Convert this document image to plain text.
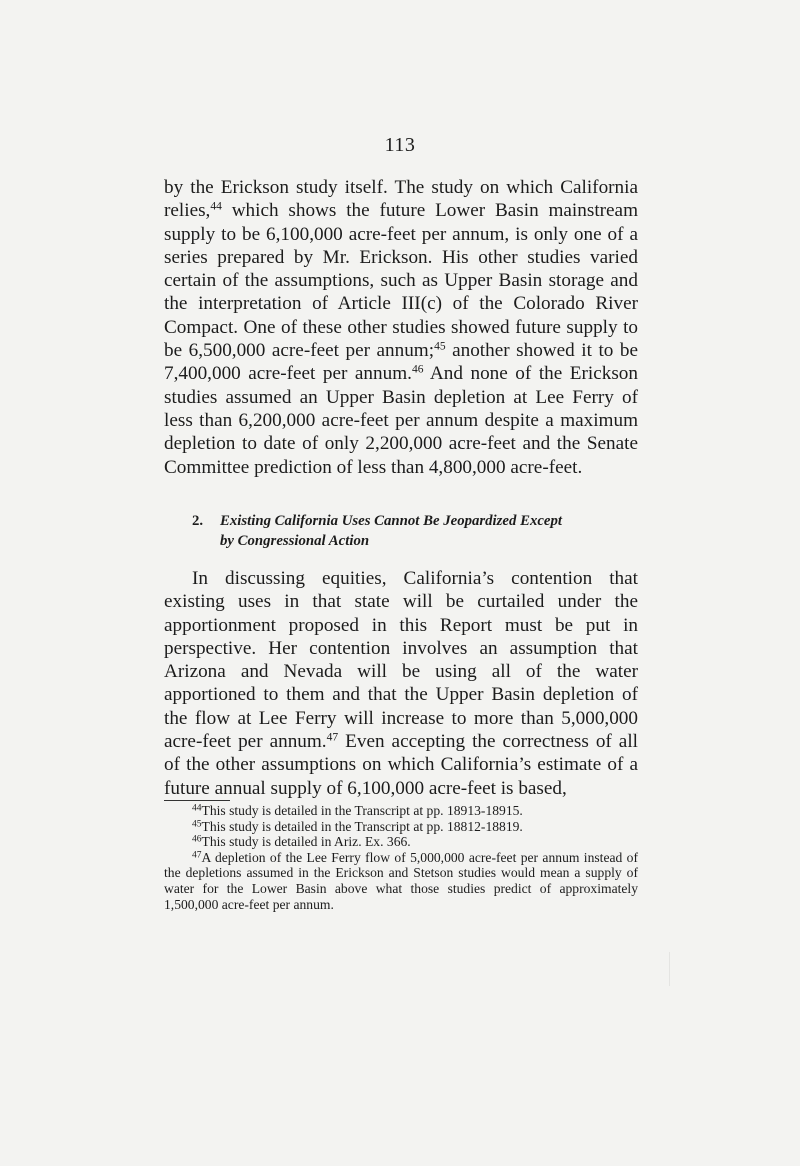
113

by the Erickson study itself. The study on which California relies,$^{44}$ which shows the future Lower Basin mainstream supply to be 6,100,000 acre-feet per annum, is only one of a series prepared by Mr. Erickson. His other studies varied certain of the assumptions, such as Upper Basin storage and the interpretation of Article III(c) of the Colorado River Compact. One of these other studies showed future supply to be 6,500,000 acre-feet per annum;$^{45}$ another showed it to be 7,400,000 acre-feet per annum.$^{46}$ And none of the Erickson studies assumed an Upper Basin depletion at Lee Ferry of less than 6,200,000 acre-feet per annum despite a maximum depletion to date of only 2,200,000 acre-feet and the Senate Committee prediction of less than 4,800,000 acre-feet.

2. Existing California Uses Cannot Be Jeopardized Except
by Congressional Action

In discussing equities, California’s contention that existing uses in that state will be curtailed under the apportionment proposed in this Report must be put in perspective. Her contention involves an assumption that Arizona and Nevada will be using all of the water apportioned to them and that the Upper Basin depletion of the flow at Lee Ferry will increase to more than 5,000,000 acre-feet per annum.$^{47}$ Even accepting the correctness of all of the other assumptions on which California’s estimate of a future annual supply of 6,100,000 acre-feet is based,

$^{44}$This study is detailed in the Transcript at pp. 18913-18915.

$^{45}$This study is detailed in the Transcript at pp. 18812-18819.

$^{46}$This study is detailed in Ariz. Ex. 366.

$^{47}$A depletion of the Lee Ferry flow of 5,000,000 acre-feet per annum instead of the depletions assumed in the Erickson and Stetson studies would mean a supply of water for the Lower Basin above what those studies predict of approximately 1,500,000 acre-feet per annum.
